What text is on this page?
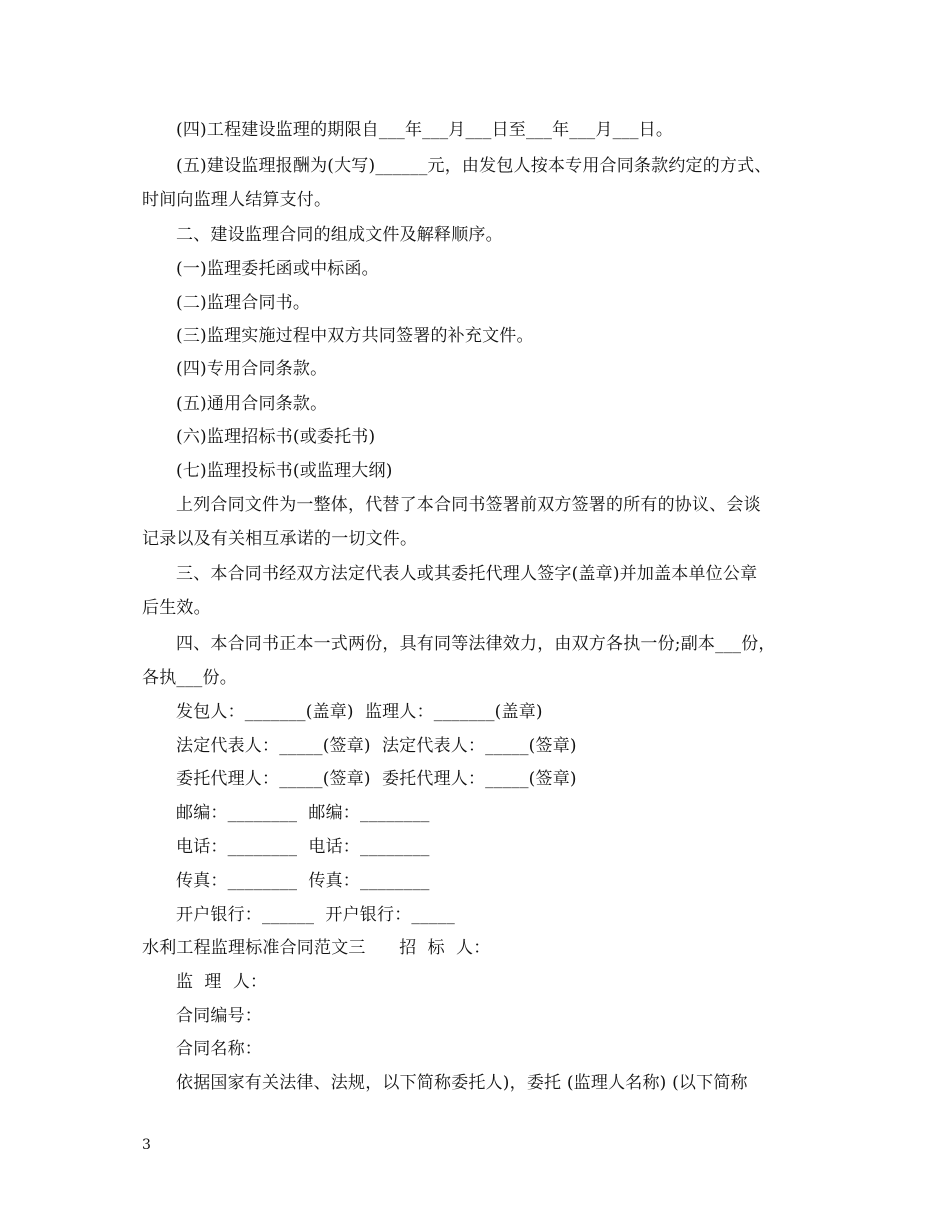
(四)工程建设监理的期限自___年___月___日至___年___月___日。
(五)建设监理报酬为(大写)______元，由发包人按本专用合同条款约定的方式、
时间向监理人结算支付。
二、建设监理合同的组成文件及解释顺序。
(一)监理委托函或中标函。
(二)监理合同书。
(三)监理实施过程中双方共同签署的补充文件。
(四)专用合同条款。
(五)通用合同条款。
(六)监理招标书(或委托书)
(七)监理投标书(或监理大纲)
上列合同文件为一整体，代替了本合同书签署前双方签署的所有的协议、会谈
记录以及有关相互承诺的一切文件。
三、本合同书经双方法定代表人或其委托代理人签字(盖章)并加盖本单位公章
后生效。
四、本合同书正本一式两份，具有同等法律效力，由双方各执一份;副本___份，
各执___份。
发包人：_______(盖章)  监理人：_______(盖章)
法定代表人：_____(签章)  法定代表人：_____(签章)
委托代理人：_____(签章)  委托代理人：_____(签章)
邮编：________  邮编：________
电话：________  电话：________
传真：________  传真：________
开户银行：______  开户银行：_____
水利工程监理标准合同范文三      招  标  人：
监  理  人：
合同编号：
合同名称：
依据国家有关法律、法规，以下简称委托人)，委托 (监理人名称) (以下简称
3
